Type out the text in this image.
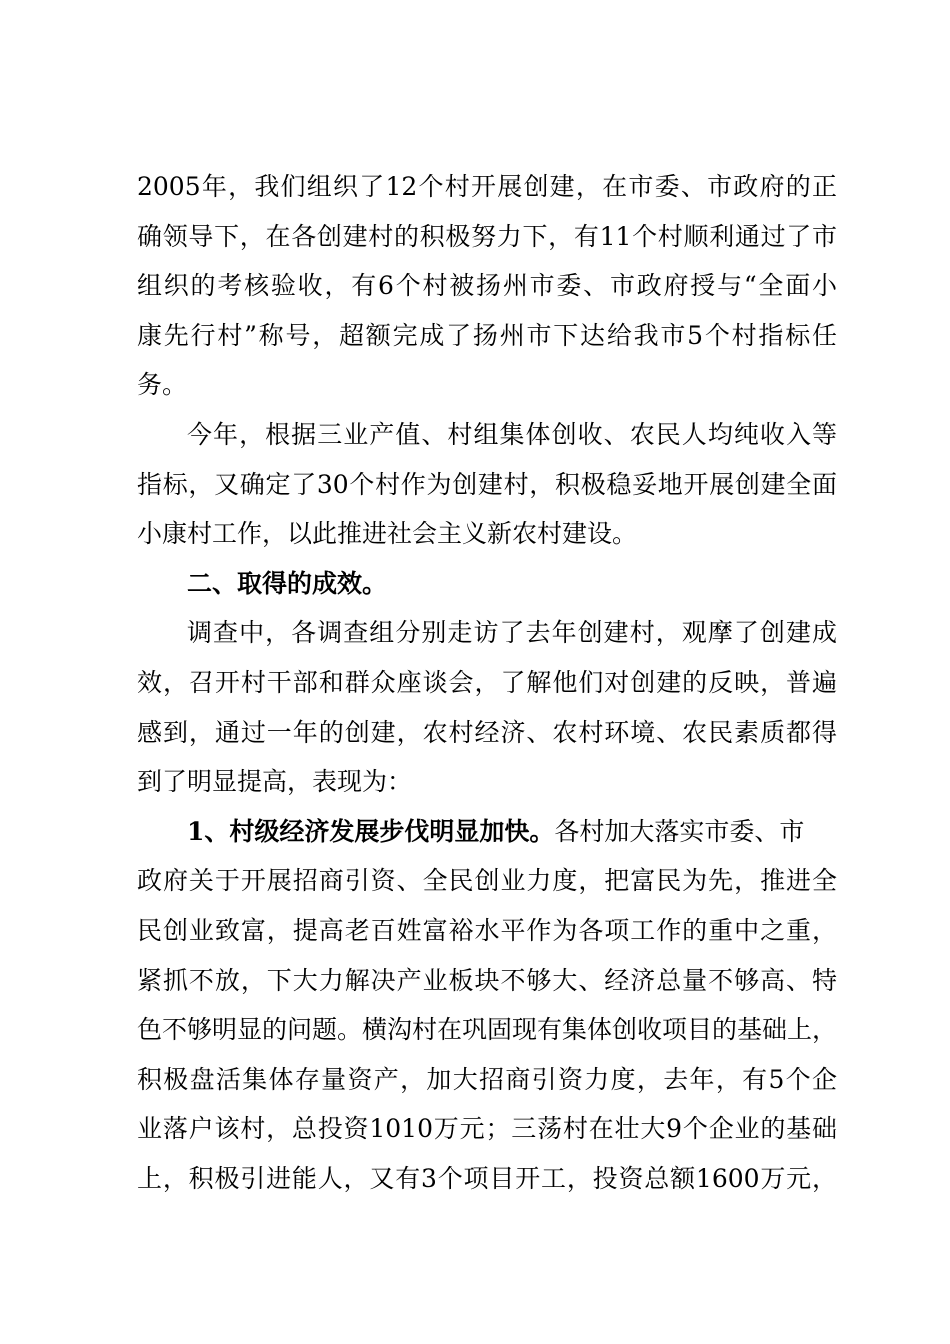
2005年，我们组织了12个村开展创建，在市委、市政府的正
确领导下，在各创建村的积极努力下，有11个村顺利通过了市
组织的考核验收，有6个村被扬州市委、市政府授与“全面小
康先行村”称号，超额完成了扬州市下达给我市5个村指标任
务。
今年，根据三业产值、村组集体创收、农民人均纯收入等
指标，又确定了30个村作为创建村，积极稳妥地开展创建全面
小康村工作，以此推进社会主义新农村建设。
二、取得的成效。
调查中，各调查组分别走访了去年创建村，观摩了创建成
效，召开村干部和群众座谈会，了解他们对创建的反映，普遍
感到，通过一年的创建，农村经济、农村环境、农民素质都得
到了明显提高，表现为：
1、村级经济发展步伐明显加快。各村加大落实市委、市
政府关于开展招商引资、全民创业力度，把富民为先，推进全
民创业致富，提高老百姓富裕水平作为各项工作的重中之重，
紧抓不放，下大力解决产业板块不够大、经济总量不够高、特
色不够明显的问题。横沟村在巩固现有集体创收项目的基础上，
积极盘活集体存量资产，加大招商引资力度，去年，有5个企
业落户该村，总投资1010万元；三荡村在壮大9个企业的基础
上，积极引进能人，又有3个项目开工，投资总额1600万元，
